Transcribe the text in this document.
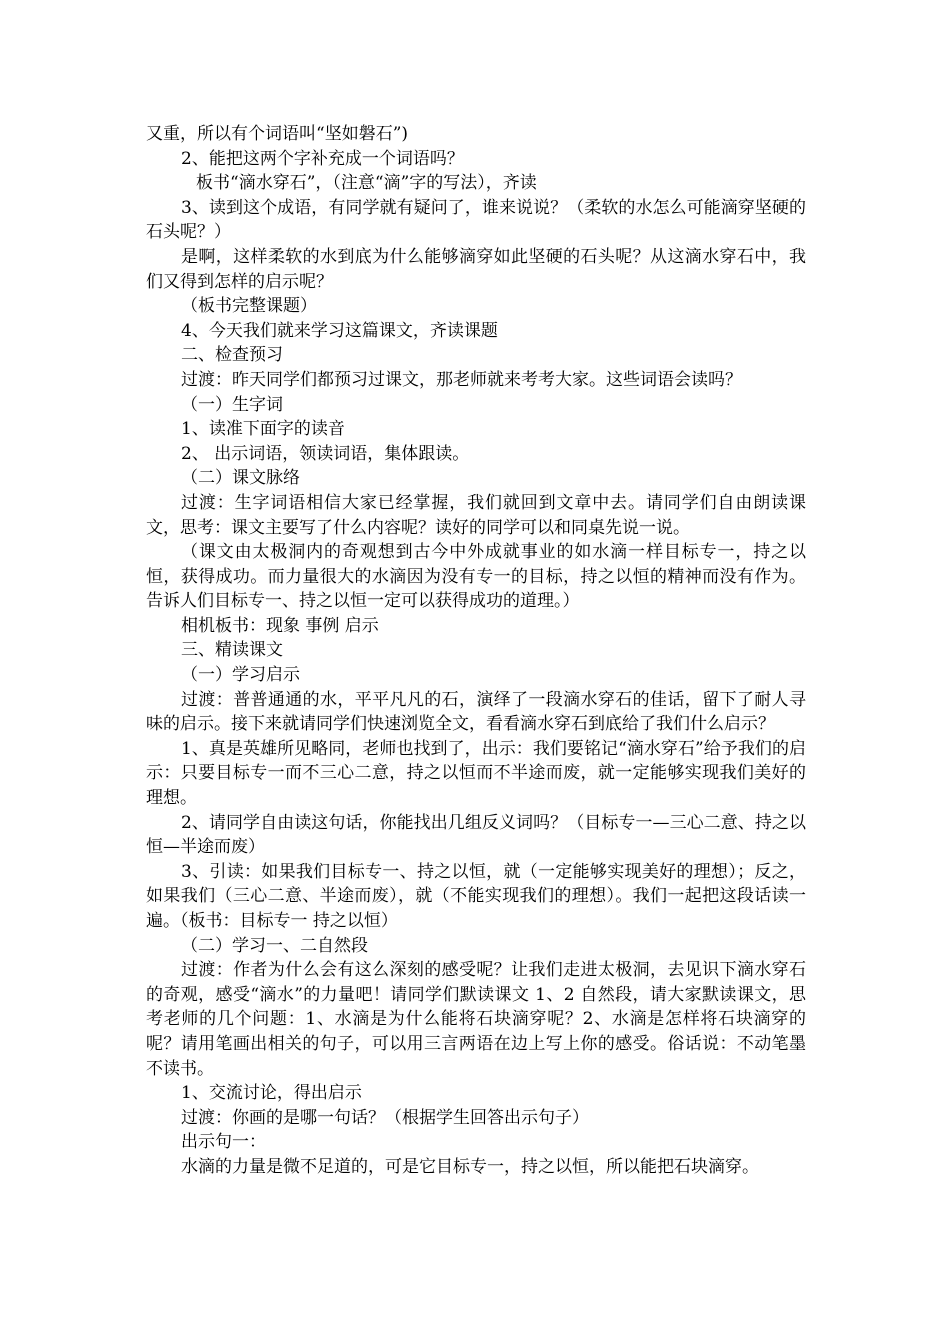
又重，所以有个词语叫“坚如磐石”)

2、能把这两个字补充成一个词语吗？

板书“滴水穿石”，（注意“滴”字的写法），齐读

3、读到这个成语，有同学就有疑问了，谁来说说？（柔软的水怎么可能滴穿坚硬的石头呢？）

是啊，这样柔软的水到底为什么能够滴穿如此坚硬的石头呢？从这滴水穿石中，我们又得到怎样的启示呢？

（板书完整课题）

4、今天我们就来学习这篇课文，齐读课题

二、检查预习

过渡：昨天同学们都预习过课文，那老师就来考考大家。这些词语会读吗？

（一）生字词

1、读准下面字的读音

2、 出示词语，领读词语，集体跟读。

（二）课文脉络

过渡：生字词语相信大家已经掌握，我们就回到文章中去。请同学们自由朗读课文，思考：课文主要写了什么内容呢？读好的同学可以和同桌先说一说。

（课文由太极洞内的奇观想到古今中外成就事业的如水滴一样目标专一，持之以恒，获得成功。而力量很大的水滴因为没有专一的目标，持之以恒的精神而没有作为。告诉人们目标专一、持之以恒一定可以获得成功的道理。）

相机板书：现象 事例 启示

三、精读课文

（一）学习启示

过渡：普普通通的水，平平凡凡的石，演绎了一段滴水穿石的佳话，留下了耐人寻味的启示。接下来就请同学们快速浏览全文，看看滴水穿石到底给了我们什么启示？

1、真是英雄所见略同，老师也找到了，出示：我们要铭记“滴水穿石”给予我们的启示：只要目标专一而不三心二意，持之以恒而不半途而废，就一定能够实现我们美好的理想。

2、请同学自由读这句话，你能找出几组反义词吗？（目标专一—三心二意、持之以恒—半途而废）

3、引读：如果我们目标专一、持之以恒，就（一定能够实现美好的理想）；反之，如果我们（三心二意、半途而废），就（不能实现我们的理想）。我们一起把这段话读一遍。（板书：目标专一 持之以恒）

（二）学习一、二自然段

过渡：作者为什么会有这么深刻的感受呢？让我们走进太极洞，去见识下滴水穿石的奇观，感受“滴水”的力量吧！请同学们默读课文 1、2 自然段，请大家默读课文，思考老师的几个问题：1、水滴是为什么能将石块滴穿呢？2、水滴是怎样将石块滴穿的呢？请用笔画出相关的句子，可以用三言两语在边上写上你的感受。俗话说：不动笔墨不读书。

1、交流讨论，得出启示

过渡：你画的是哪一句话？（根据学生回答出示句子）

出示句一：

水滴的力量是微不足道的，可是它目标专一，持之以恒，所以能把石块滴穿。
